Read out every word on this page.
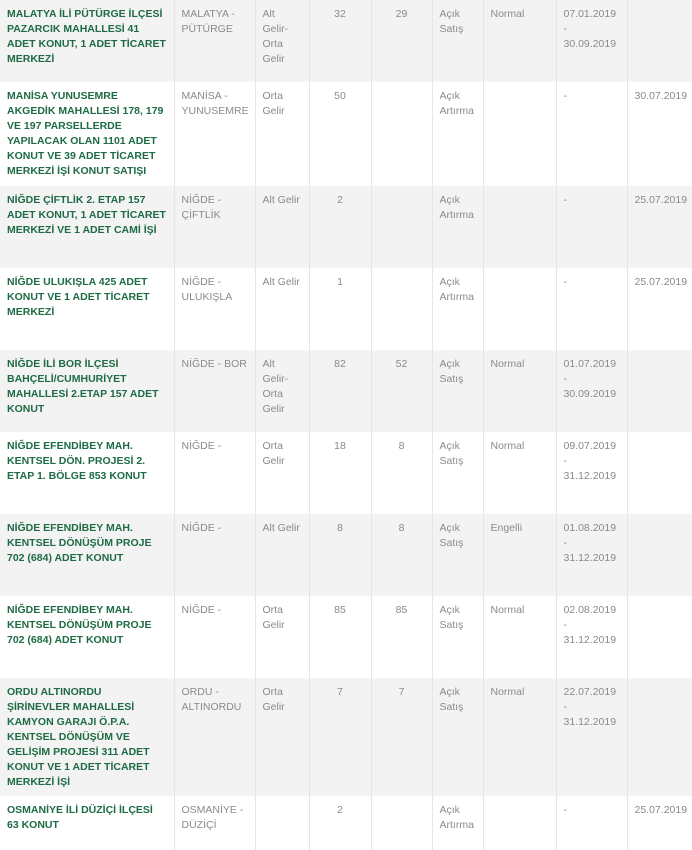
MALATYA İLİ PÜTÜRGE İLÇESİ PAZARCIK MAHALLESİ 41 ADET KONUT, 1 ADET TİCARET MERKEZİ	MALATYA - PÜTÜRGE	Alt Gelir-Orta Gelir	32	29	Açık Satış	Normal	07.01.2019 - 30.09.2019		
MANİSA YUNUSEMRE AKGEDİK MAHALLESİ 178, 179 VE 197 PARSELLERDE YAPILACAK OLAN 1101 ADET KONUT VE 39 ADET TİCARET MERKEZİ İŞİ KONUT SATIŞI	MANİSA - YUNUSEMRE	Orta Gelir	50		Açık Artırma		-	30.07.2019	
NİĞDE ÇİFTLİK 2. ETAP 157 ADET KONUT, 1 ADET TİCARET MERKEZİ VE 1 ADET CAMİ İŞİ	NİĞDE - ÇİFTLİK	Alt Gelir	2		Açık Artırma		-	25.07.2019	
NİĞDE ULUKIŞLA 425 ADET KONUT VE 1 ADET TİCARET MERKEZİ	NİĞDE - ULUKIŞLA	Alt Gelir	1		Açık Artırma		-	25.07.2019	
NİĞDE İLİ BOR İLÇESİ BAHÇELİ/CUMHURİYET MAHALLESİ 2.ETAP 157 ADET KONUT	NİĞDE - BOR	Alt Gelir-Orta Gelir	82	52	Açık Satış	Normal	01.07.2019 - 30.09.2019		
NİĞDE EFENDİBEY MAH. KENTSEL DÖN. PROJESİ 2. ETAP 1. BÖLGE 853 KONUT	NİĞDE -	Orta Gelir	18	8	Açık Satış	Normal	09.07.2019 - 31.12.2019		
NİĞDE EFENDİBEY MAH. KENTSEL DÖNÜŞÜM PROJE 702 (684) ADET KONUT	NİĞDE -	Alt Gelir	8	8	Açık Satış	Engelli	01.08.2019 - 31.12.2019		
NİĞDE EFENDİBEY MAH. KENTSEL DÖNÜŞÜM PROJE 702 (684) ADET KONUT	NİĞDE -	Orta Gelir	85	85	Açık Satış	Normal	02.08.2019 - 31.12.2019		
ORDU ALTINORDU ŞİRİNEVLER MAHALLESİ KAMYON GARAJI Ö.P.A. KENTSEL DÖNÜŞÜM VE GELİŞİM PROJESİ 311 ADET KONUT VE 1 ADET TİCARET MERKEZİ İŞİ	ORDU - ALTINORDU	Orta Gelir	7	7	Açık Satış	Normal	22.07.2019 - 31.12.2019		
OSMANİYE İLİ DÜZİÇİ İLÇESİ 63 KONUT	OSMANİYE - DÜZİÇİ		2		Açık Artırma		-	25.07.2019	
